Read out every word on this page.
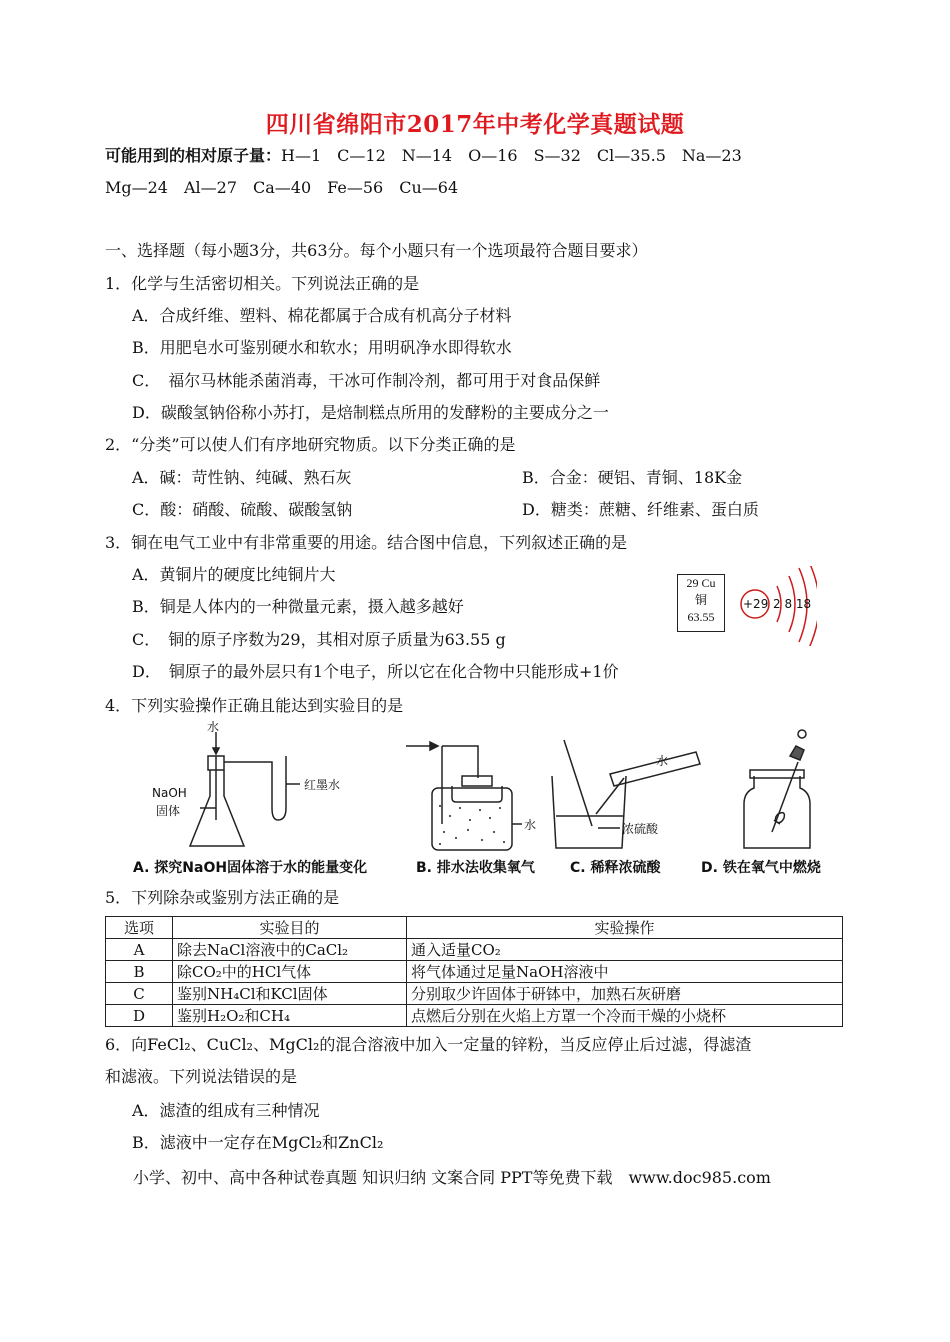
四川省绵阳市2017年中考化学真题试题
可能用到的相对原子量：H—1　C—12　N—14　O—16　S—32　Cl—35.5　Na—23
Mg—24　Al—27　Ca—40　Fe—56　Cu—64
一、选择题（每小题3分，共63分。每个小题只有一个选项最符合题目要求）
1．化学与生活密切相关。下列说法正确的是
A．合成纤维、塑料、棉花都属于合成有机高分子材料
B．用肥皂水可鉴别硬水和软水；用明矾净水即得软水
C．　福尔马林能杀菌消毒，干冰可作制冷剂，都可用于对食品保鲜
D．碳酸氢钠俗称小苏打，是焙制糕点所用的发酵粉的主要成分之一
2．“分类”可以使人们有序地研究物质。以下分类正确的是
A．碱：苛性钠、纯碱、熟石灰	B．合金：硬铝、青铜、18K金
C．酸：硝酸、硫酸、碳酸氢钠	D．糖类：蔗糖、纤维素、蛋白质
3．铜在电气工业中有非常重要的用途。结合图中信息，下列叙述正确的是
A．黄铜片的硬度比纯铜片大
B．铜是人体内的一种微量元素，摄入越多越好
C．　铜的原子序数为29，其相对原子质量为63.55 g
D．　铜原子的最外层只有1个电子，所以它在化合物中只能形成+1价
29 Cu
铜
63.55
+29 2 8 18
4．下列实验操作正确且能达到实验目的是
水
NaOH
固体
红墨水
水
水
浓硫酸
A. 探究NaOH固体溶于水的能量变化	B. 排水法收集氧气	C. 稀释浓硫酸	D. 铁在氧气中燃烧
5．下列除杂或鉴别方法正确的是
选项	实验目的	实验操作
A	除去NaCl溶液中的CaCl₂	通入适量CO₂
B	除CO₂中的HCl气体	将气体通过足量NaOH溶液中
C	鉴别NH₄Cl和KCl固体	分别取少许固体于研钵中，加熟石灰研磨
D	鉴别H₂O₂和CH₄	点燃后分别在火焰上方罩一个冷而干燥的小烧杯
6．向FeCl₂、CuCl₂、MgCl₂的混合溶液中加入一定量的锌粉，当反应停止后过滤，得滤渣
和滤液。下列说法错误的是
A．滤渣的组成有三种情况
B．滤液中一定存在MgCl₂和ZnCl₂
小学、初中、高中各种试卷真题 知识归纳 文案合同 PPT等免费下载　www.doc985.com
